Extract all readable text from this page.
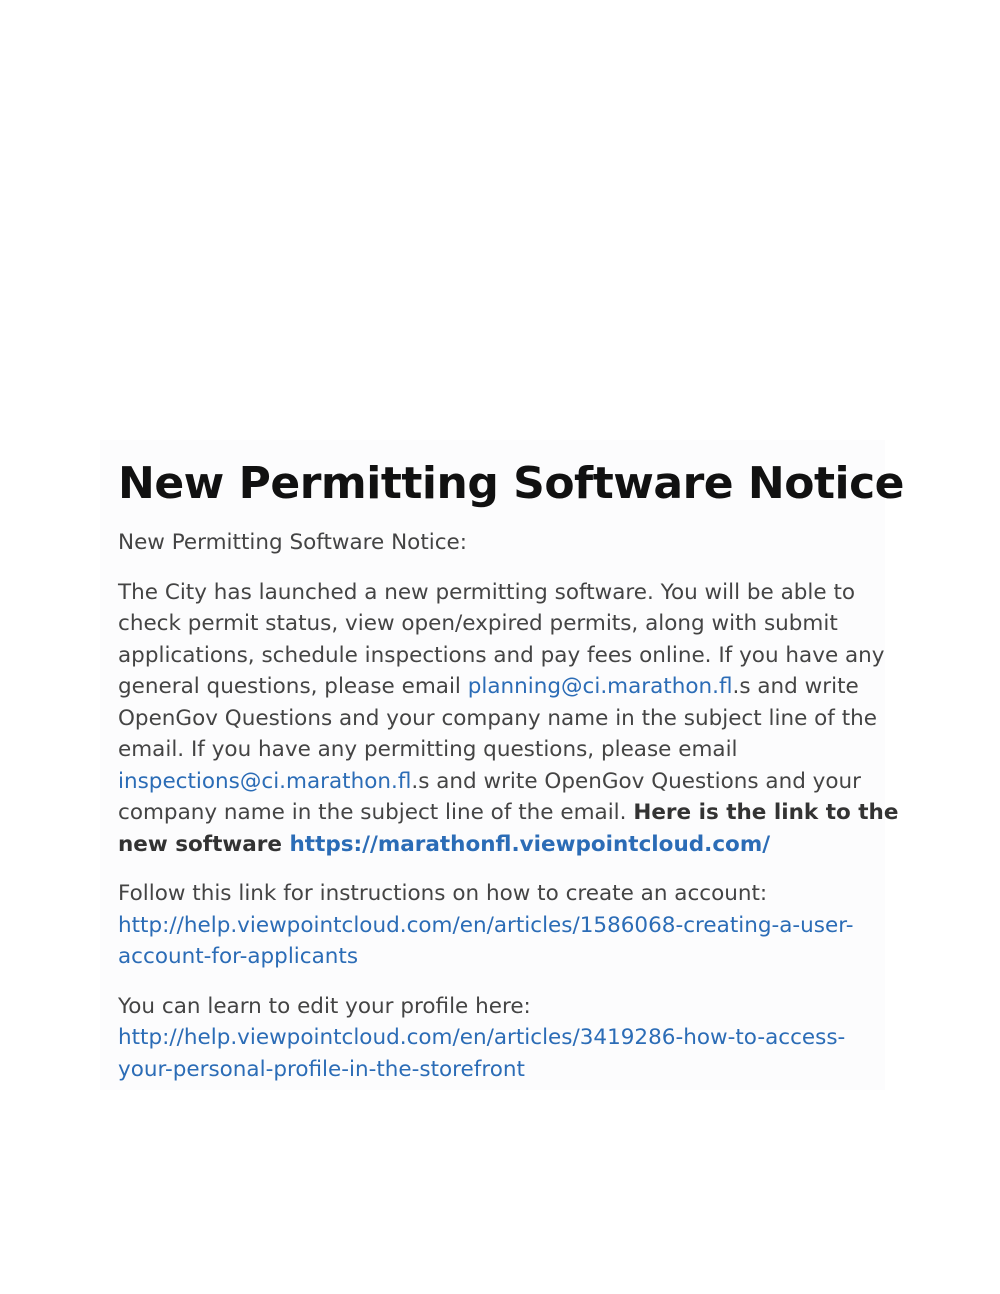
New Permitting Software Notice

New Permitting Software Notice:

The City has launched a new permitting software. You will be able to
check permit status, view open/expired permits, along with submit
applications, schedule inspections and pay fees online. If you have any
general questions, please email planning@ci.marathon.fl.s and write
OpenGov Questions and your company name in the subject line of the
email. If you have any permitting questions, please email
inspections@ci.marathon.fl.s and write OpenGov Questions and your
company name in the subject line of the email. Here is the link to the
new software https://marathonfl.viewpointcloud.com/

Follow this link for instructions on how to create an account:
http://help.viewpointcloud.com/en/articles/1586068-creating-a-user-
account-for-applicants

You can learn to edit your profile here:
http://help.viewpointcloud.com/en/articles/3419286-how-to-access-
your-personal-profile-in-the-storefront
